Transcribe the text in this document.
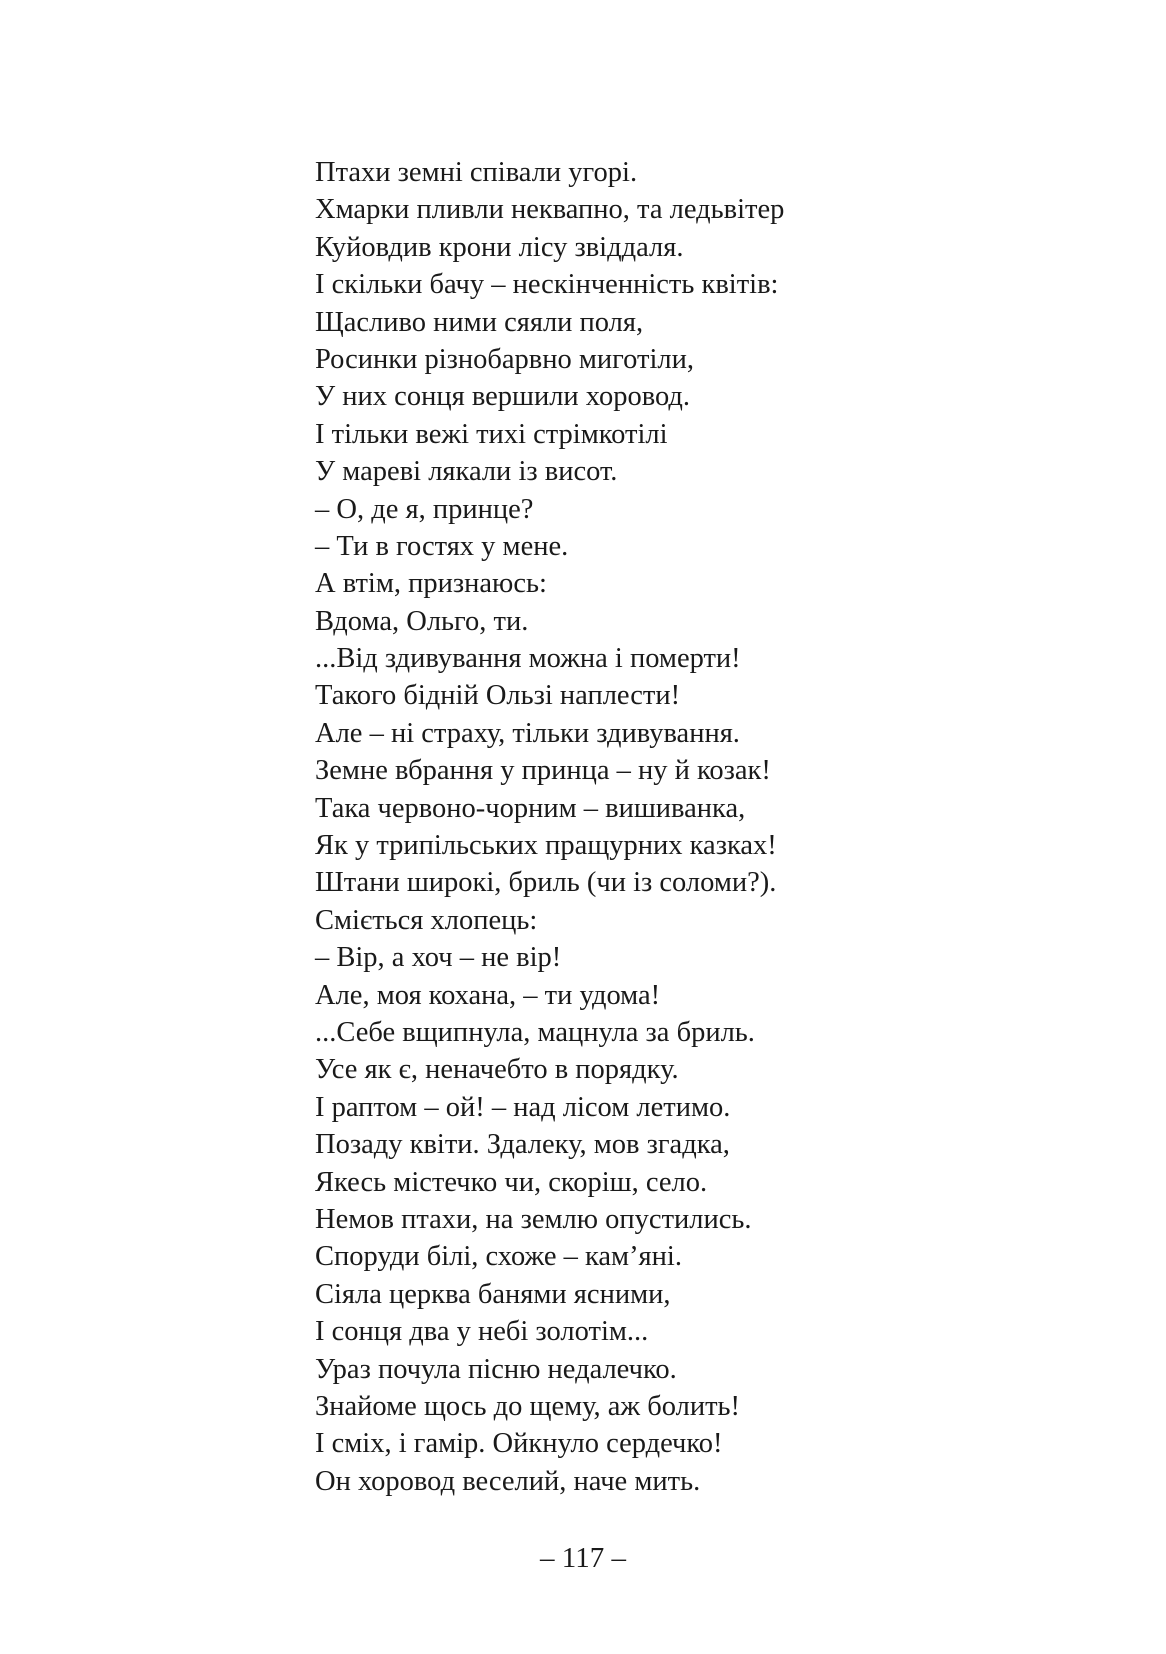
Птахи земні співали угорі.
Хмарки пливли неквапно, та ледьвітер
Куйовдив крони лісу звіддаля.
І скільки бачу – нескінченність квітів:
Щасливо ними сяяли поля,
Росинки різнобарвно миготіли,
У них сонця вершили хоровод.
І тільки вежі тихі стрімкотілі
У мареві лякали із висот.
– О, де я, принце?
– Ти в гостях у мене.
А втім, признаюсь:
Вдома, Ольго, ти.
...Від здивування можна і померти!
Такого бідній Ользі наплести!
Але – ні страху, тільки здивування.
Земне вбрання у принца – ну й козак!
Така червоно-чорним – вишиванка,
Як у трипільських пращурних казках!
Штани широкі, бриль (чи із соломи?).
Сміється хлопець:
– Вір, а хоч – не вір!
Але, моя кохана, – ти удома!
...Себе вщипнула, мацнула за бриль.
Усе як є, неначебто в порядку.
І раптом – ой! – над лісом летимо.
Позаду квіти. Здалеку, мов згадка,
Якесь містечко чи, скоріш, село.
Немов птахи, на землю опустились.
Споруди білі, схоже – кам’яні.
Сіяла церква банями ясними,
І сонця два у небі золотім...
Ураз почула пісню недалечко.
Знайоме щось до щему, аж болить!
І сміх, і гамір. Ойкнуло сердечко!
Он хоровод веселий, наче мить.
– 117 –
